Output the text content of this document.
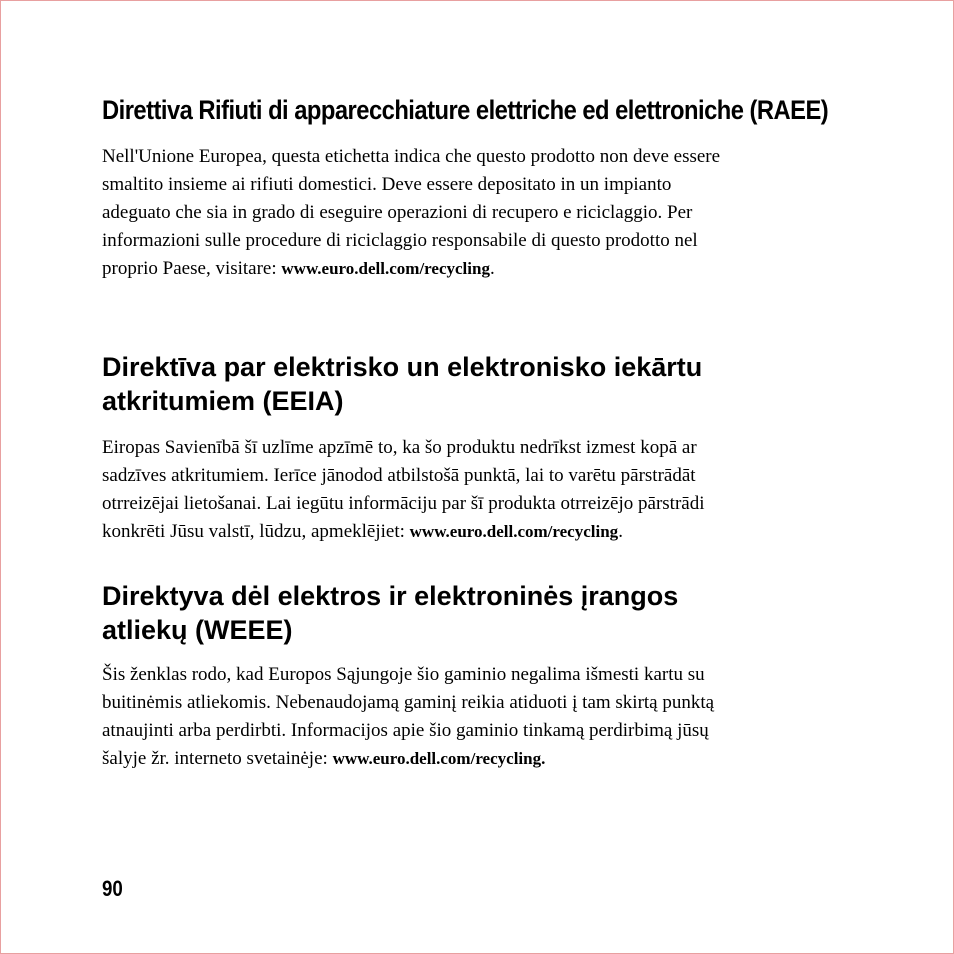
Direttiva Rifiuti di apparecchiature elettriche ed elettroniche (RAEE)
Nell'Unione Europea, questa etichetta indica che questo prodotto non deve essere
smaltito insieme ai rifiuti domestici. Deve essere depositato in un impianto
adeguato che sia in grado di eseguire operazioni di recupero e riciclaggio. Per
informazioni sulle procedure di riciclaggio responsabile di questo prodotto nel
proprio Paese, visitare: www.euro.dell.com/recycling.
Direktīva par elektrisko un elektronisko iekārtu
atkritumiem (EEIA)
Eiropas Savienībā šī uzlīme apzīmē to, ka šo produktu nedrīkst izmest kopā ar
sadzīves atkritumiem. Ierīce jānodod atbilstošā punktā, lai to varētu pārstrādāt
otrreizējai lietošanai. Lai iegūtu informāciju par šī produkta otrreizējo pārstrādi
konkrēti Jūsu valstī, lūdzu, apmeklējiet: www.euro.dell.com/recycling.
Direktyva dėl elektros ir elektroninės įrangos
atliekų (WEEE)
Šis ženklas rodo, kad Europos Sąjungoje šio gaminio negalima išmesti kartu su
buitinėmis atliekomis. Nebenaudojamą gaminį reikia atiduoti į tam skirtą punktą
atnaujinti arba perdirbti. Informacijos apie šio gaminio tinkamą perdirbimą jūsų
šalyje žr. interneto svetainėje: www.euro.dell.com/recycling.
90
